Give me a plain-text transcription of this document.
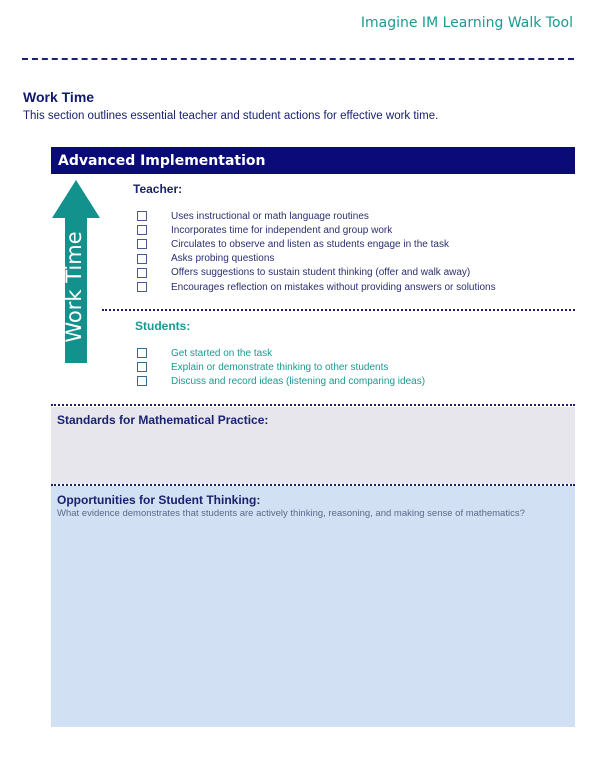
Imagine IM Learning Walk Tool
Work Time
This section outlines essential teacher and student actions for effective work time.
Advanced Implementation
Work Time
Teacher:
Uses instructional or math language routines
Incorporates time for independent and group work
Circulates to observe and listen as students engage in the task
Asks probing questions
Offers suggestions to sustain student thinking (offer and walk away)
Encourages reflection on mistakes without providing answers or solutions
Students:
Get started on the task
Explain or demonstrate thinking to other students
Discuss and record ideas (listening and comparing ideas)
Standards for Mathematical Practice:
Opportunities for Student Thinking:
What evidence demonstrates that students are actively thinking, reasoning, and making sense of mathematics?
